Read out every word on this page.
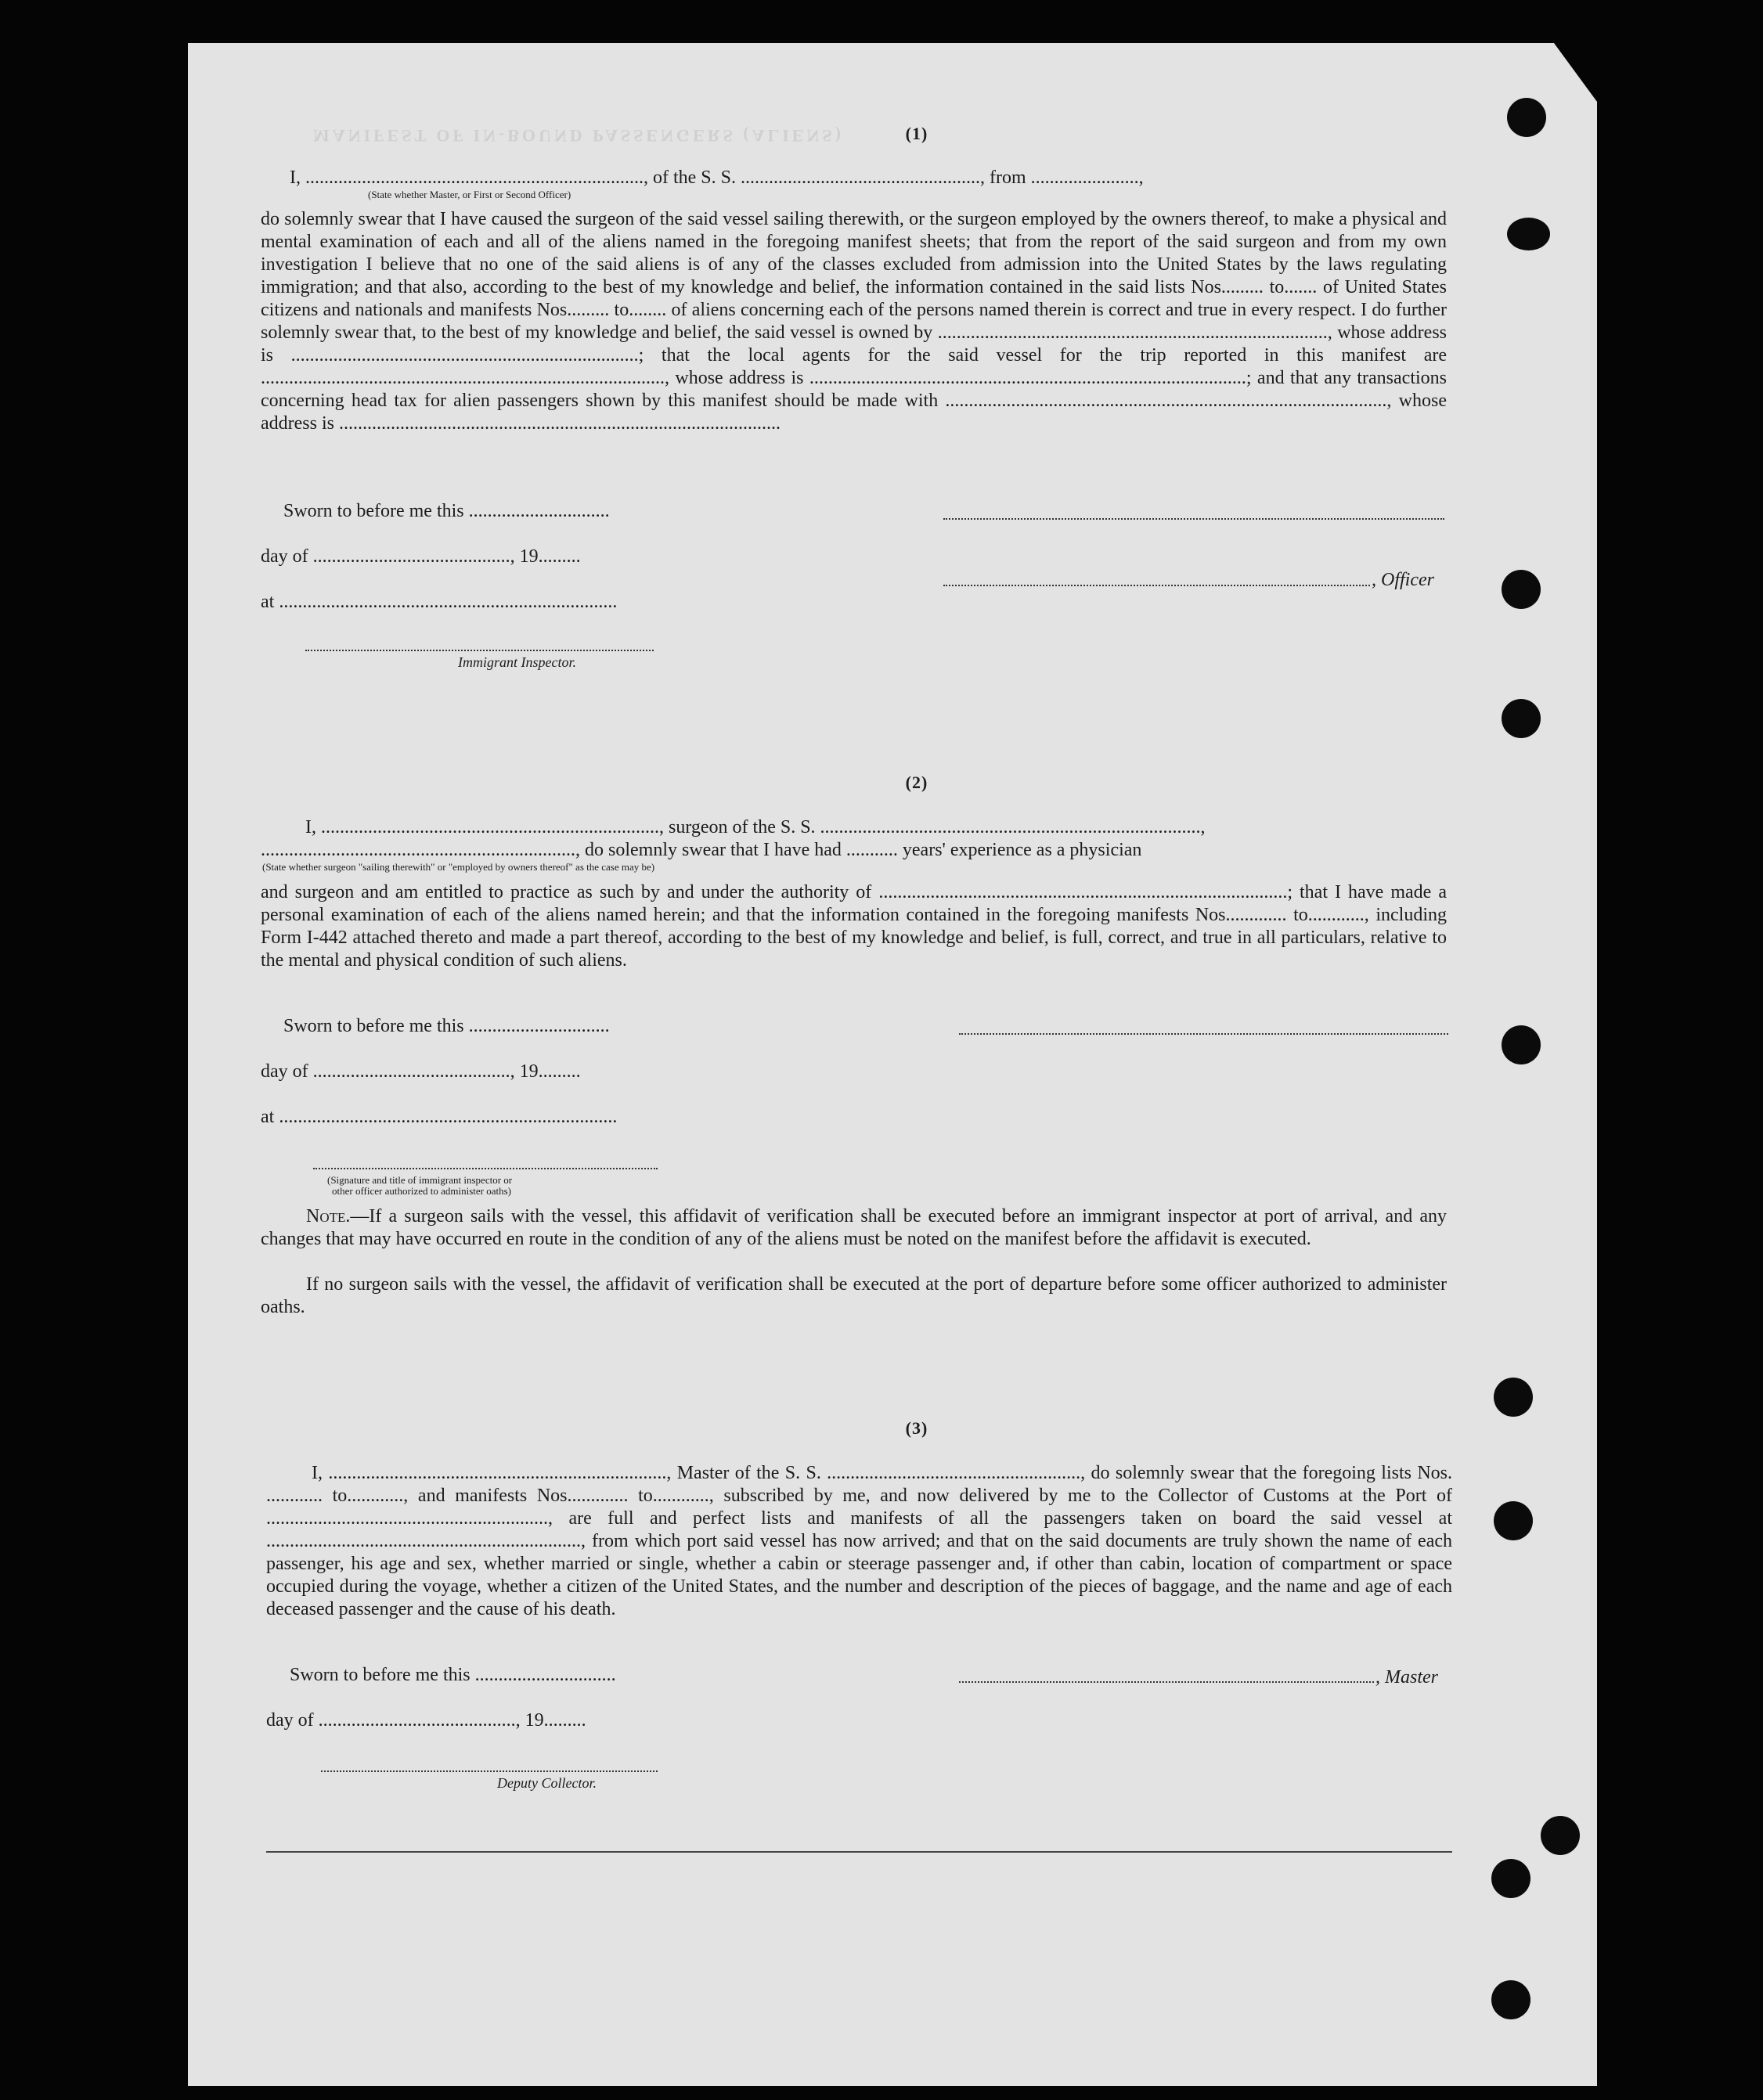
MANIFEST OF IN-BOUND PASSENGERS (ALIENS)	(1)
I, ........................................................................, of the S. S. ..................................................., from .......................,
(State whether Master, or First or Second Officer)
do solemnly swear that I have caused the surgeon of the said vessel sailing therewith, or the surgeon employed by the owners thereof, to make a physical and mental examination of each and all of the aliens named in the foregoing manifest sheets; that from the report of the said surgeon and from my own investigation I believe that no one of the said aliens is of any of the classes excluded from admission into the United States by the laws regulating immigration; and that also, according to the best of my knowledge and belief, the information contained in the said lists Nos......... to....... of United States citizens and nationals and manifests Nos......... to........ of aliens concerning each of the persons named therein is correct and true in every respect. I do further solemnly swear that, to the best of my knowledge and belief, the said vessel is owned by ..................................................................................., whose address is ..........................................................................; that the local agents for the said vessel for the trip reported in this manifest are ......................................................................................, whose address is .............................................................................................; and that any transactions concerning head tax for alien passengers shown by this manifest should be made with .............................................................................................., whose address is ..............................................................................................
Sworn to before me this ..............................
day of .........................................., 19.........
at ........................................................................
Immigrant Inspector.
, Officer
(2)
I, ........................................................................, surgeon of the S. S. .................................................................................,
..................................................................., do solemnly swear that I have had ........... years' experience as a physician
(State whether surgeon "sailing therewith" or "employed by owners thereof" as the case may be)
and surgeon and am entitled to practice as such by and under the authority of .......................................................................................; that I have made a personal examination of each of the aliens named herein; and that the information contained in the foregoing manifests Nos............. to............, including Form I-442 attached thereto and made a part thereof, according to the best of my knowledge and belief, is full, correct, and true in all particulars, relative to the mental and physical condition of such aliens.
Sworn to before me this ..............................
day of .........................................., 19.........
at ........................................................................
(Signature and title of immigrant inspector or
other officer authorized to administer oaths)
Note.—If a surgeon sails with the vessel, this affidavit of verification shall be executed before an immigrant inspector at port of arrival, and any changes that may have occurred en route in the condition of any of the aliens must be noted on the manifest before the affidavit is executed.
If no surgeon sails with the vessel, the affidavit of verification shall be executed at the port of departure before some officer authorized to administer oaths.
(3)
I, ........................................................................, Master of the S. S. ......................................................, do solemnly swear that the foregoing lists Nos. ............ to............, and manifests Nos............. to............, subscribed by me, and now delivered by me to the Collector of Customs at the Port of ............................................................, are full and perfect lists and manifests of all the passengers taken on board the said vessel at ..................................................................., from which port said vessel has now arrived; and that on the said documents are truly shown the name of each passenger, his age and sex, whether married or single, whether a cabin or steerage passenger and, if other than cabin, location of compartment or space occupied during the voyage, whether a citizen of the United States, and the number and description of the pieces of baggage, and the name and age of each deceased passenger and the cause of his death.
Sworn to before me this ..............................	, Master
day of .........................................., 19.........
Deputy Collector.
